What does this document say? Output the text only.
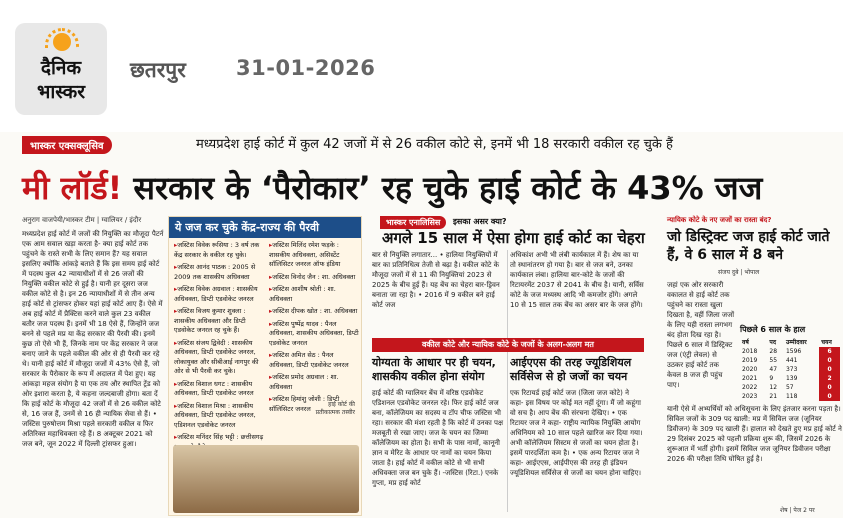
दैनिक
भास्कर
छतरपुर 31-01-2026
भास्कर एक्सक्लूसिव	मध्यप्रदेश हाई कोर्ट में कुल 42 जजों में से 26 वकील कोटे से, इनमें भी 18 सरकारी वकील रह चुके हैं
मी लॉर्ड! सरकार के ‘पैरोकार’ रह चुके हाई कोर्ट के 43% जज
अनुराग वाजपेयी/भास्कर टीम | ग्वालियर / इंदौर
मध्यप्रदेश हाई कोर्ट में जजों की नियुक्ति का मौजूदा पैटर्न एक आम सवाल खड़ा करता है- क्या हाई कोर्ट तक पहुंचने के रास्ते सभी के लिए समान हैं? यह सवाल इसलिए क्योंकि आंकड़े बताते हैं कि इस समय हाई कोर्ट में पदस्थ कुल 42 न्यायाधीशों में से 26 जजों की नियुक्ति वकील कोटे से हुई है। यानी हर दूसरा जज वकील कोटे से है। इन 26 न्यायाधीशों में से तीन अन्य हाई कोर्ट से ट्रांसफर होकर यहां हाई कोर्ट आए हैं। ऐसे में अब हाई कोर्ट में प्रैक्टिस करने वाले कुल 23 वकील बतौर जज पदस्थ हैं। इनमें भी 18 ऐसे हैं, जिन्होंने जज बनने से पहले मप्र या केंद्र सरकार की पैरवी की। इनमें कुछ तो ऐसे भी हैं, जिनके नाम पर केंद्र सरकार ने जज बनाए जाने के पहले वकील की ओर से ही पैरवी कर रहे थे। यानी हाई कोर्ट में मौजूदा जजों में 43% ऐसे हैं, जो सरकार के पैरोकार के रूप में अदालत में पेश हुए। यह आंकड़ा महज संयोग है या एक तय और स्थापित ट्रेंड को ओर इशारा करता है, ये कहना जल्दबाजी होगा। बता दें कि हाई कोर्ट के मौजूदा 42 जजों में से 26 वकील कोटे से, 16 जज हैं, उनमें से 16 ही न्यायिक सेवा से हैं। • जस्टिस पुरुषोत्तम मिश्रा पहले सरकारी वकील व फिर अतिरिक्त महाधिवक्ता रहे हैं। 8 अक्टूबर 2021 को जज बने, जून 2022 में दिल्ली ट्रांसफर हुआ।
ये जज कर चुके केंद्र-राज्य की पैरवी

▸ जस्टिस विवेक रूसिया : 3 वर्ष तक केंद्र सरकार के वकील रह चुके।

▸ जस्टिस आनंद पाठक : 2005 से 2009 तक शासकीय अधिवक्ता

▸ जस्टिस विवेक अग्रवाल : शासकीय अधिवक्ता, डिप्टी एडवोकेट जनरल

▸ जस्टिस विजय कुमार शुक्ला : शासकीय अधिवक्ता और डिप्टी एडवोकेट जनरल रह चुके हैं।

▸ जस्टिस संजय द्विवेदी : शासकीय अधिवक्ता, डिप्टी एडवोकेट जनरल, लोकायुक्त और सीबीआई नागपुर की ओर से भी पैरवी कर चुके।

▸ जस्टिस विशाल धगट : शासकीय अधिवक्ता, डिप्टी एडवोकेट जनरल

▸ जस्टिस विशाल मिश्रा : शासकीय अधिवक्ता, डिप्टी एडवोकेट जनरल, एडिशनल एडवोकेट जनरल

▸ जस्टिस मनिंदर सिंह भट्टी : छत्तीसगढ़

▸

▸ जस्टिस मिलिंद रमेश फड़के : शासकीय अधिवक्ता, असिस्टेंट सॉलिसिटर जनरल ऑफ इंडिया

▸ जस्टिस विनोद जैन : शा. अधिवक्ता

▸ जस्टिस आशीष श्रोती : शा. अधिवक्ता

▸ जस्टिस दीपक खोत : शा. अधिवक्ता

▸ जस्टिस पुष्पेंद्र यादव : पैनल अधिवक्ता, शासकीय अधिवक्ता, डिप्टी एडवोकेट जनरल

▸ जस्टिस अमित सेठ : पैनल अधिवक्ता, डिप्टी एडवोकेट जनरल

▸ जस्टिस प्रमोद अग्रवाल : शा. अधिवक्ता

▸ जस्टिस हिमांशु जोशी : डिप्टी सॉलिसिटर जनरल	हाई कोर्ट की प्रतीकात्मक तस्वीर
भास्कर एनालिसिस	इसका असर क्या?
अगले 15 साल में ऐसा होगा हाई कोर्ट का चेहरा
बार से नियुक्ति लगातार... • हालिया नियुक्तियों में बार का प्रतिनिधित्व तेजी से बढ़ा है। वकील कोटे के मौजूदा जजों में से 11 की नियुक्तियां 2023 से 2025 के बीच हुई हैं। यह बेंच का चेहरा बार-ड्रिवन बनाता जा रहा है। • 2016 में 9 वकील बने हाई कोर्ट जज
अधिकांश अभी भी लंबी कार्यकाल में हैं। शेष का या तो स्थानांतरण हो गया है। बार से जज बने, उनका कार्यकाल लंबा। हालिया बार-कोटे के जजों की रिटायरमेंट 2037 से 2041 के बीच है। यानी, सर्विस कोटे के जज मध्यस्थ आदि भी कमजोर होंगे। अगले 10 से 15 साल तक बेंच का असर बार के जज होंगे।
वकील कोटे और न्यायिक कोटे के जजों के अलग-अलग मत
योग्यता के आधार पर ही चयन, शासकीय वकील होना संयोग
आईएएस की तरह ज्यूडिशियल सर्विसेज से हो जजों का चयन
हाई कोर्ट की ग्वालियर बेंच में वरिष्ठ एडवोकेट एडिशनल एडवोकेट जनरल रहे। फिर हाई कोर्ट जज बना, कॉलेजियम का सदस्य व टॉप चीफ जस्टिस भी रहा। सरकार की मंशा रहती है कि कोर्ट में उनका पक्ष मजबूती से रखा जाए। जज के चयन का जिम्मा कॉलेजियम का होता है। सभी के पास नामों, कानूनी ज्ञान व मेरिट के आधार पर नामों का चयन किया जाता है। हाई कोर्ट में वकील कोटे से भी सभी अधिवक्ता जज बन चुके हैं। -जस्टिस (रिटा.) एनके गुप्ता, मप्र हाई कोर्ट
एक रिटायर्ड हाई कोर्ट जज (जिला जज कोटे) ने कहा- इस विषय पर कोई मत नहीं दूंगा। मैं जो कहूंगा वो सच है। आप बेंच की संरचना देखिए। • एक रिटायर जज ने कहा- राष्ट्रीय न्यायिक नियुक्ति आयोग अधिनियम को 10 साल पहले खारिज कर दिया गया। अभी कॉलेजियम सिस्टम से जजों का चयन होता है। इसमें पारदर्शिता कम है। • एक अन्य रिटायर जज ने कहा- आईएएस, आईपीएस की तरह ही इंडियन ज्यूडिशियल सर्विसेज से जजों का चयन होना चाहिए।
न्यायिक कोटे के नए जजों का रास्ता बंद?
जो डिस्ट्रिक्ट जज हाई कोर्ट जाते हैं, वे 6 साल में 8 बने
संजय दुबे | भोपाल
जहां एक ओर सरकारी वकालत से हाई कोर्ट तक पहुंचने का रास्ता खुला दिखता है, वहीं जिला जजों के लिए यही रास्ता लगभग बंद होता दिख रहा है। पिछले 6 साल में डिस्ट्रिक्ट जज (एंट्री लेवल) से उठकर हाई कोर्ट तक केवल 8 जज ही पहुंच पाए।
पिछले 6 साल के हाल
वर्ष	पद	उम्मीदवार	चयन
2018	28	1596	6
2019	55	441	0
2020	47	373	0
2021	9	139	2
2022	12	57	0
2023	21	118	0
यानी ऐसे में अभ्यर्थियों को अधिसूचना के लिए इंतजार करना पड़ता है। सिविल जजों के 309 पद खाली: मप्र में सिविल जज (जूनियर डिवीजन) के 309 पद खाली हैं। हालात को देखते हुए मप्र हाई कोर्ट ने 29 दिसंबर 2025 को पहली प्रक्रिया शुरू की, जिसमें 2026 के शुरूआत में भर्ती होगी। इसमें सिविल जज जूनियर डिवीजन परीक्षा 2026 की परीक्षा तिथि घोषित हुई है।
शेष | पेज 2 पर
